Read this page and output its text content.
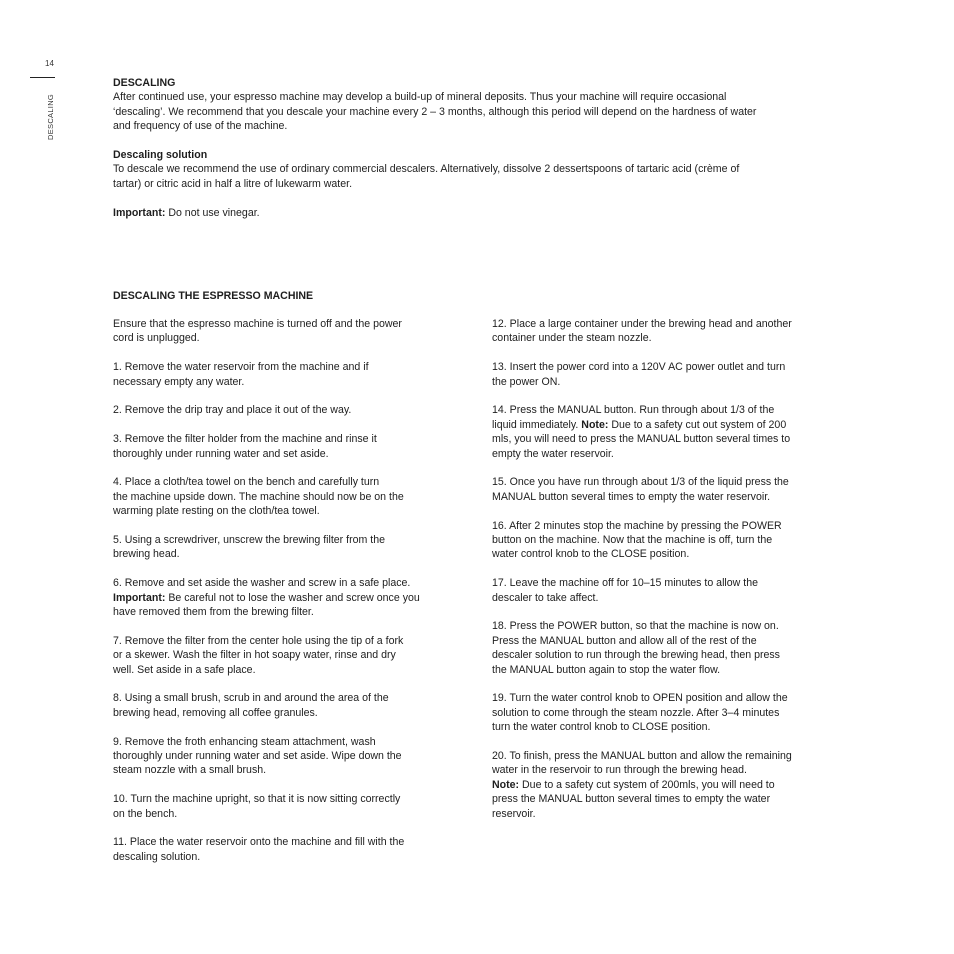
14
DESCALING

DESCALING

After continued use, your espresso machine may develop a build-up of mineral deposits. Thus your machine will require occasional
‘descaling’. We recommend that you descale your machine every 2 – 3 months, although this period will depend on the hardness of water
and frequency of use of the machine.

Descaling solution

To descale we recommend the use of ordinary commercial descalers. Alternatively, dissolve 2 dessertspoons of tartaric acid (crème of
tartar) or citric acid in half a litre of lukewarm water.

Important: Do not use vinegar.

DESCALING THE ESPRESSO MACHINE

Ensure that the espresso machine is turned off and the power
cord is unplugged.

1. Remove the water reservoir from the machine and if
necessary empty any water.

2. Remove the drip tray and place it out of the way.

3. Remove the filter holder from the machine and rinse it
thoroughly under running water and set aside.

4. Place a cloth/tea towel on the bench and carefully turn
the machine upside down. The machine should now be on the
warming plate resting on the cloth/tea towel.

5. Using a screwdriver, unscrew the brewing filter from the
brewing head.

6. Remove and set aside the washer and screw in a safe place.
Important: Be careful not to lose the washer and screw once you
have removed them from the brewing filter.

7. Remove the filter from the center hole using the tip of a fork
or a skewer. Wash the filter in hot soapy water, rinse and dry
well. Set aside in a safe place.

8. Using a small brush, scrub in and around the area of the
brewing head, removing all coffee granules.

9. Remove the froth enhancing steam attachment, wash
thoroughly under running water and set aside. Wipe down the
steam nozzle with a small brush.

10. Turn the machine upright, so that it is now sitting correctly
on the bench.

11. Place the water reservoir onto the machine and fill with the
descaling solution.

12. Place a large container under the brewing head and another
container under the steam nozzle.

13. Insert the power cord into a 120V AC power outlet and turn
the power ON.

14. Press the MANUAL button. Run through about 1/3 of the
liquid immediately. Note: Due to a safety cut out system of 200
mls, you will need to press the MANUAL button several times to
empty the water reservoir.

15. Once you have run through about 1/3 of the liquid press the
MANUAL button several times to empty the water reservoir.

16. After 2 minutes stop the machine by pressing the POWER
button on the machine. Now that the machine is off, turn the
water control knob to the CLOSE position.

17. Leave the machine off for 10–15 minutes to allow the
descaler to take affect.

18. Press the POWER button, so that the machine is now on.
Press the MANUAL button and allow all of the rest of the
descaler solution to run through the brewing head, then press
the MANUAL button again to stop the water flow.

19. Turn the water control knob to OPEN position and allow the
solution to come through the steam nozzle. After 3–4 minutes
turn the water control knob to CLOSE position.

20. To finish, press the MANUAL button and allow the remaining
water in the reservoir to run through the brewing head.
Note: Due to a safety cut system of 200mls, you will need to
press the MANUAL button several times to empty the water
reservoir.
